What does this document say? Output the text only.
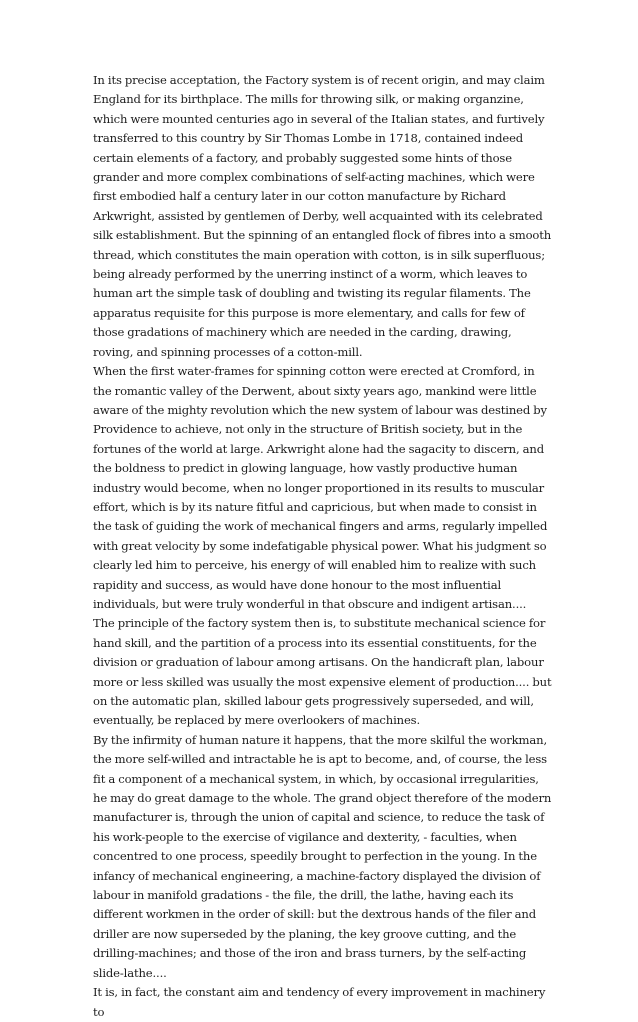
In its precise acceptation, the Factory system is of recent origin, and may claim England for its birthplace. The mills for throwing silk, or making organzine, which were mounted centuries ago in several of the Italian states, and furtively transferred to this country by Sir Thomas Lombe in 1718, contained indeed certain elements of a factory, and probably suggested some hints of those grander and more complex combinations of self-acting machines, which were first embodied half a century later in our cotton manufacture by Richard Arkwright, assisted by gentlemen of Derby, well acquainted with its celebrated silk establishment. But the spinning of an entangled flock of fibres into a smooth thread, which constitutes the main operation with cotton, is in silk superfluous; being already performed by the unerring instinct of a worm, which leaves to human art the simple task of doubling and twisting its regular filaments. The apparatus requisite for this purpose is more elementary, and calls for few of those gradations of machinery which are needed in the carding, drawing, roving, and spinning processes of a cotton-mill.

When the first water-frames for spinning cotton were erected at Cromford, in the romantic valley of the Derwent, about sixty years ago, mankind were little aware of the mighty revolution which the new system of labour was destined by Providence to achieve, not only in the structure of British society, but in the fortunes of the world at large. Arkwright alone had the sagacity to discern, and the boldness to predict in glowing language, how vastly productive human industry would become, when no longer proportioned in its results to muscular effort, which is by its nature fitful and capricious, but when made to consist in the task of guiding the work of mechanical fingers and arms, regularly impelled with great velocity by some indefatigable physical power. What his judgment so clearly led him to perceive, his energy of will enabled him to realize with such rapidity and success, as would have done honour to the most influential individuals, but were truly wonderful in that obscure and indigent artisan....

The principle of the factory system then is, to substitute mechanical science for hand skill, and the partition of a process into its essential constituents, for the division or graduation of labour among artisans. On the handicraft plan, labour more or less skilled was usually the most expensive element of production.... but on the automatic plan, skilled labour gets progressively superseded, and will, eventually, be replaced by mere overlookers of machines.

By the infirmity of human nature it happens, that the more skilful the workman, the more self-willed and intractable he is apt to become, and, of course, the less fit a component of a mechanical system, in which, by occasional irregularities, he may do great damage to the whole. The grand object therefore of the modern manufacturer is, through the union of capital and science, to reduce the task of his work-people to the exercise of vigilance and dexterity, - faculties, when concentred to one process, speedily brought to perfection in the young. In the infancy of mechanical engineering, a machine-factory displayed the division of labour in manifold gradations - the file, the drill, the lathe, having each its different workmen in the order of skill: but the dextrous hands of the filer and driller are now superseded by the planing, the key groove cutting, and the drilling-machines; and those of the iron and brass turners, by the self-acting slide-lathe....

It is, in fact, the constant aim and tendency of every improvement in machinery to
